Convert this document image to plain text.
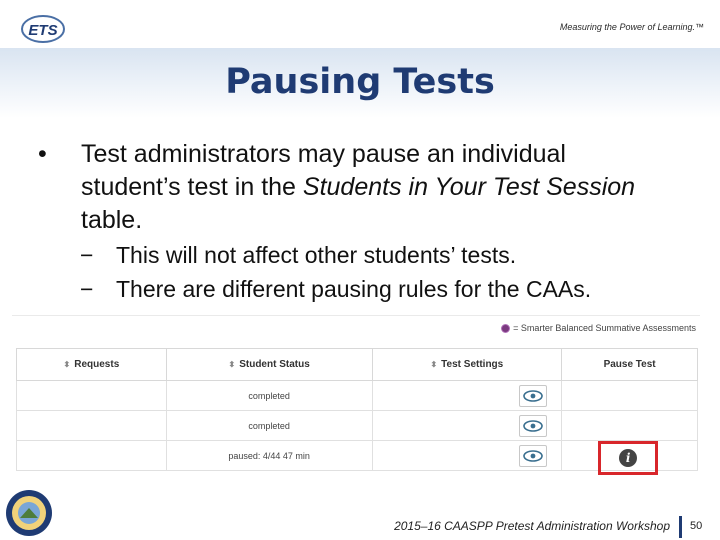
ETS	Measuring the Power of Learning.™
Pausing Tests
• Test administrators may pause an individual student’s test in the Students in Your Test Session table.
− This will not affect other students’ tests.
− There are different pausing rules for the CAAs.
= Smarter Balanced Summative Assessments
⬍ Requests	⬍ Student Status	⬍ Test Settings	Pause Test
	completed	

	completed	

	paused: 4/44 47 min		i
2015–16 CAASPP Pretest Administration Workshop 50
